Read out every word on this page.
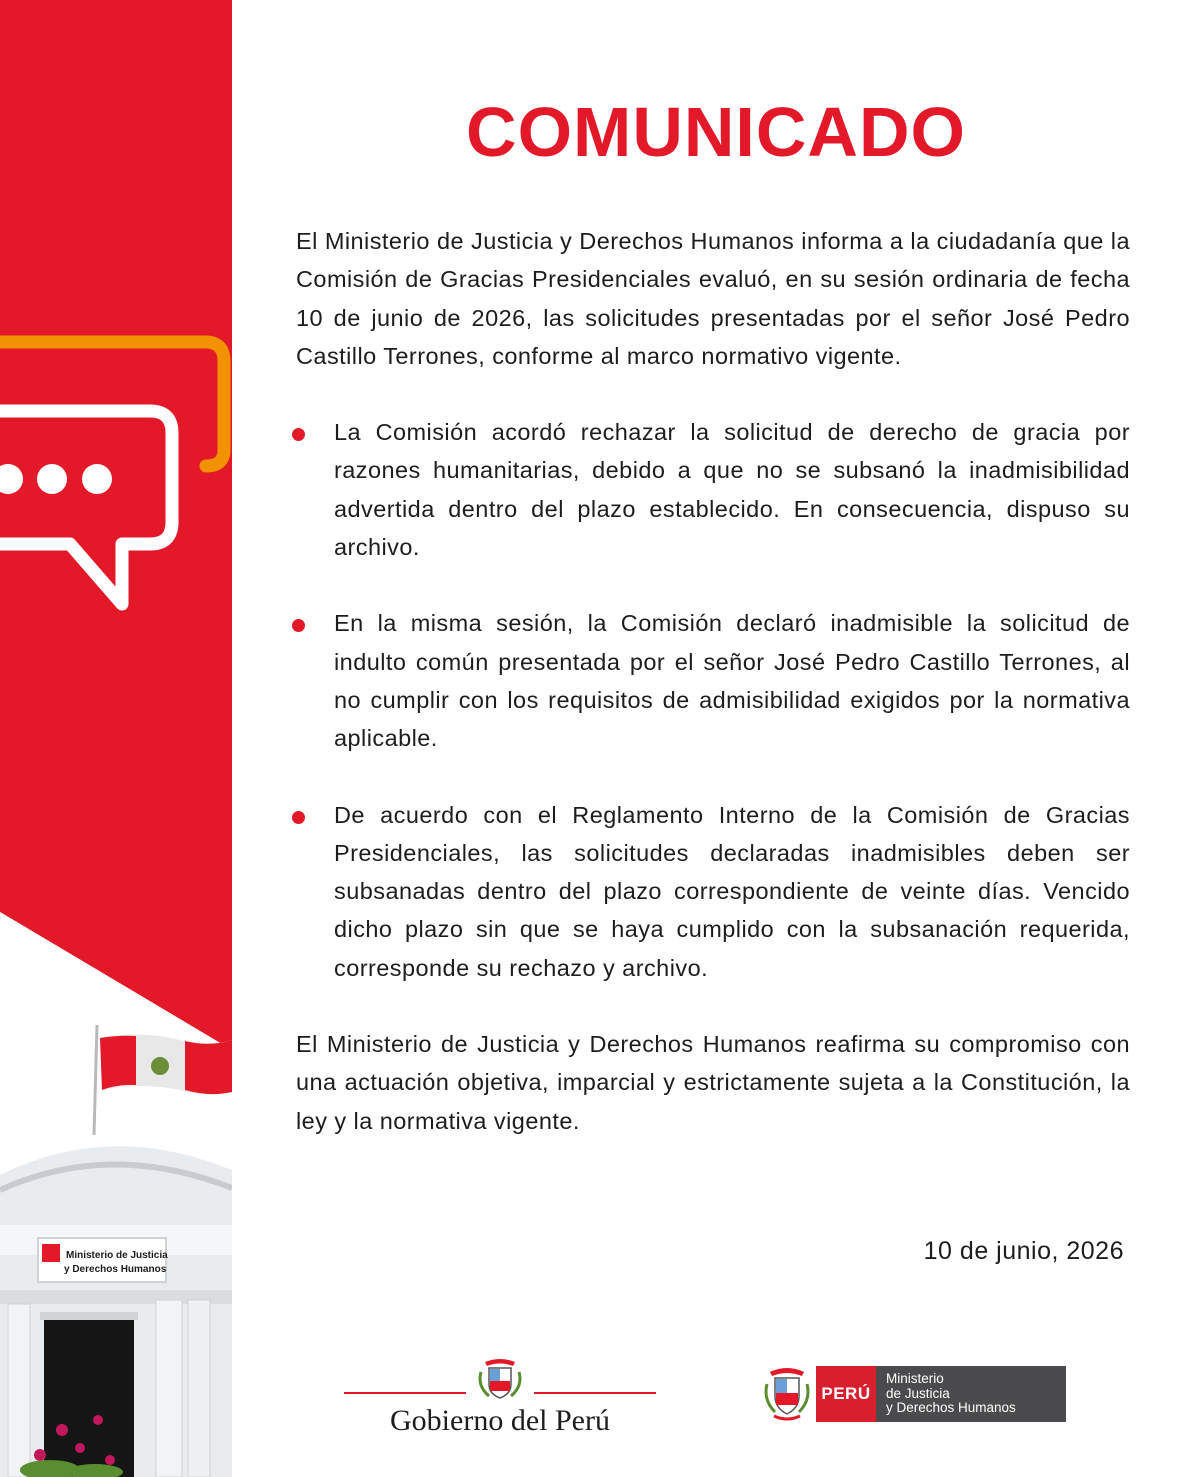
Ministerio de Justicia
y Derechos Humanos
COMUNICADO

El Ministerio de Justicia y Derechos Humanos informa a la ciudadanía que la Comisión de Gracias Presidenciales evaluó, en su sesión ordinaria de fecha 10 de junio de 2026, las solicitudes presentadas por el señor José Pedro Castillo Terrones, conforme al marco normativo vigente.

La Comisión acordó rechazar la solicitud de derecho de gracia por razones humanitarias, debido a que no se subsanó la inadmisibilidad advertida dentro del plazo establecido. En consecuencia, dispuso su archivo.
En la misma sesión, la Comisión declaró inadmisible la solicitud de indulto común presentada por el señor José Pedro Castillo Terrones, al no cumplir con los requisitos de admisibilidad exigidos por la normativa aplicable.
De acuerdo con el Reglamento Interno de la Comisión de Gracias Presidenciales, las solicitudes declaradas inadmisibles deben ser subsanadas dentro del plazo correspondiente de veinte días. Vencido dicho plazo sin que se haya cumplido con la subsanación requerida, corresponde su rechazo y archivo.

El Ministerio de Justicia y Derechos Humanos reafirma su compromiso con una actuación objetiva, imparcial y estrictamente sujeta a la Constitución, la ley y la normativa vigente.

10 de junio, 2026
Gobierno del Perú
PERÚ
Ministerio
de Justicia
y Derechos Humanos
